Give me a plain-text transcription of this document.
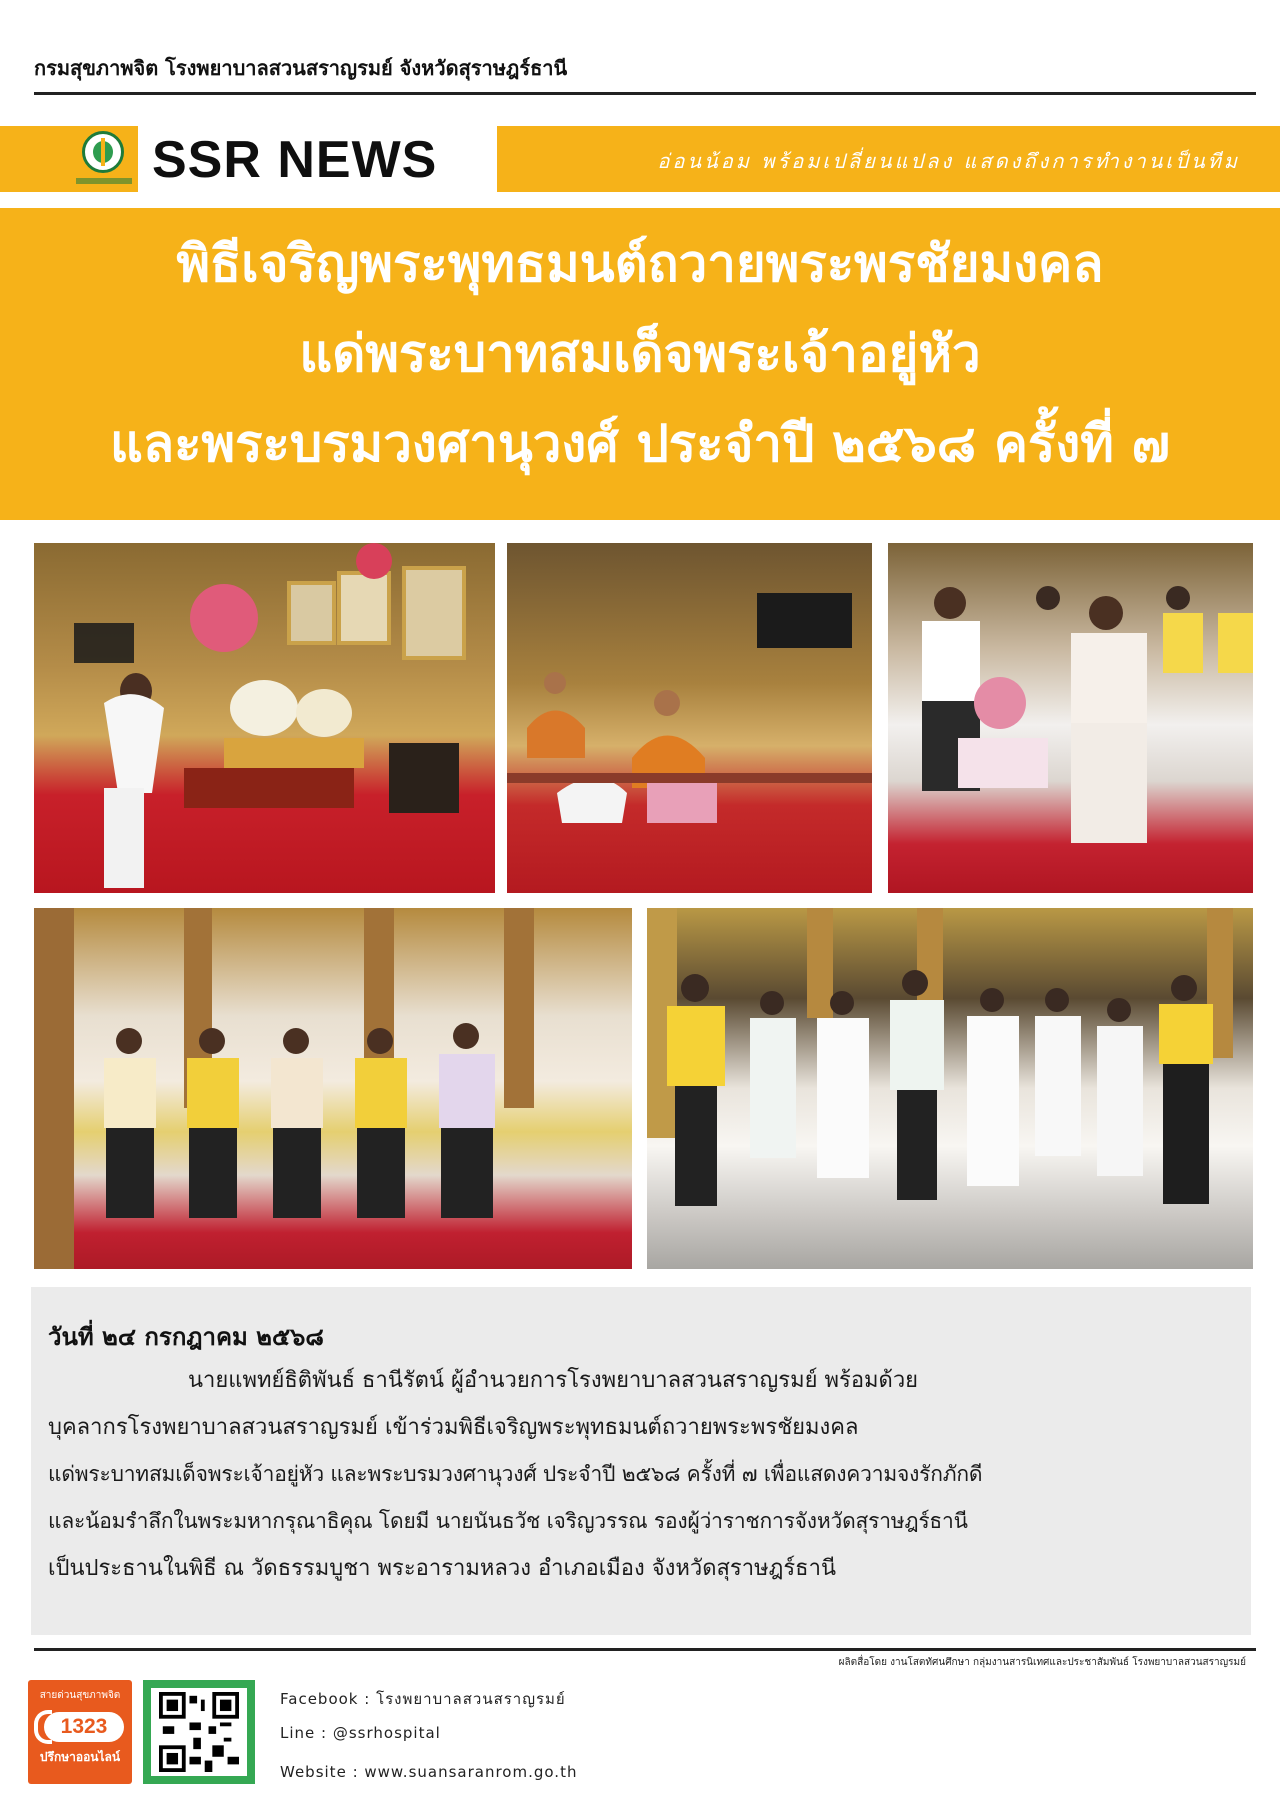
กรมสุขภาพจิต โรงพยาบาลสวนสราญรมย์ จังหวัดสุราษฎร์ธานี
SSR NEWS	อ่อนน้อม พร้อมเปลี่ยนแปลง แสดงถึงการทำงานเป็นทีม
พิธีเจริญพระพุทธมนต์ถวายพระพรชัยมงคล
แด่พระบาทสมเด็จพระเจ้าอยู่หัว
และพระบรมวงศานุวงศ์ ประจำปี ๒๕๖๘ ครั้งที่ ๗
วันที่ ๒๔ กรกฎาคม ๒๕๖๘
นายแพทย์ธิติพันธ์ ธานีรัตน์ ผู้อำนวยการโรงพยาบาลสวนสราญรมย์ พร้อมด้วย
บุคลากรโรงพยาบาลสวนสราญรมย์ เข้าร่วมพิธีเจริญพระพุทธมนต์ถวายพระพรชัยมงคล
แด่พระบาทสมเด็จพระเจ้าอยู่หัว และพระบรมวงศานุวงศ์ ประจำปี ๒๕๖๘ ครั้งที่ ๗ เพื่อแสดงความจงรักภักดี
และน้อมรำลึกในพระมหากรุณาธิคุณ โดยมี นายนันธวัช เจริญวรรณ รองผู้ว่าราชการจังหวัดสุราษฎร์ธานี
เป็นประธานในพิธี ณ วัดธรรมบูชา พระอารามหลวง อำเภอเมือง จังหวัดสุราษฎร์ธานี
ผลิตสื่อโดย งานโสตทัศนศึกษา กลุ่มงานสารนิเทศและประชาสัมพันธ์ โรงพยาบาลสวนสราญรมย์
สายด่วนสุขภาพจิต
1323
ปรึกษาออนไลน์
Facebook : โรงพยาบาลสวนสราญรมย์
Line : @ssrhospital
Website : www.suansaranrom.go.th
